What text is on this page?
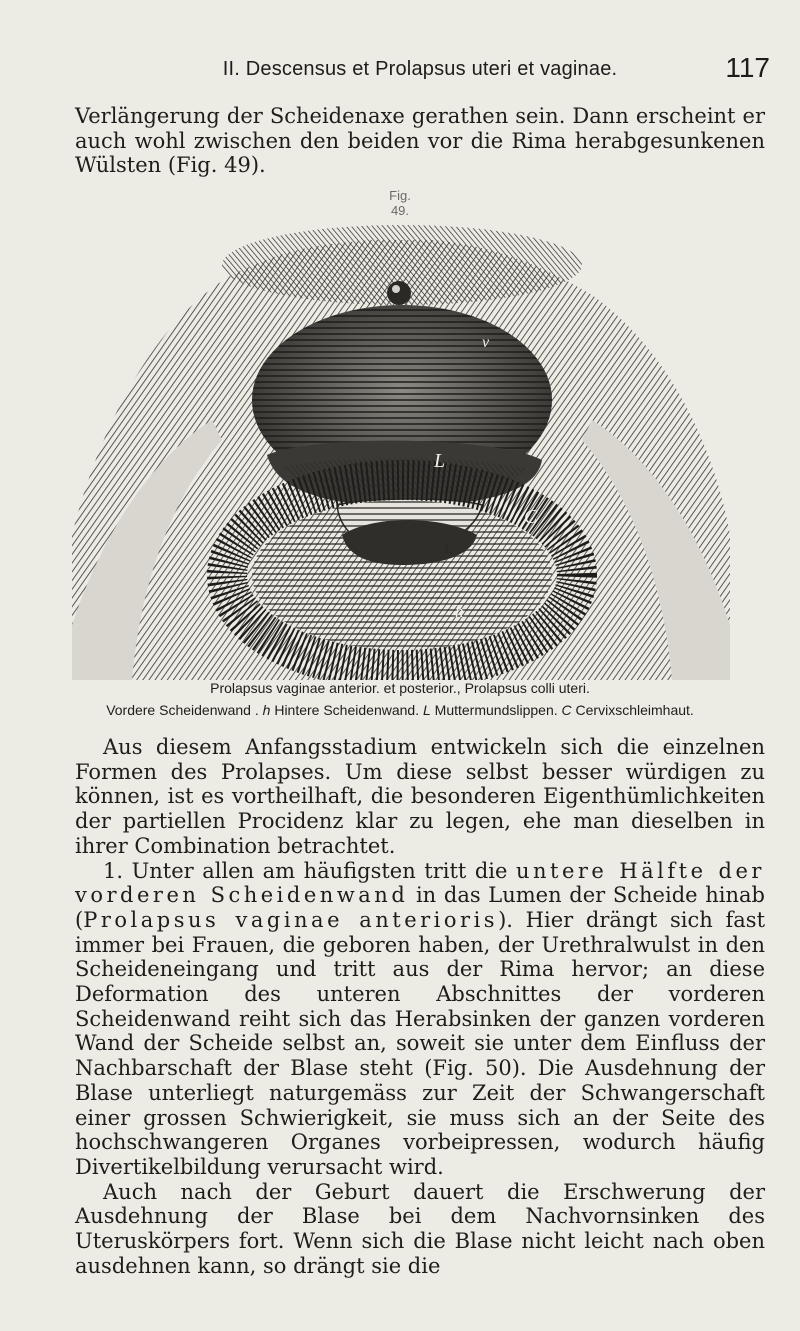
II. Descensus et Prolapsus uteri et vaginae.	117

Verlängerung der Scheidenaxe gerathen sein. Dann erscheint er auch wohl zwischen den beiden vor die Rima herabgesunkenen Wülsten (Fig. 49).

Fig. 49.
v
L
C
L
h
Prolapsus vaginae anterior. et posterior., Prolapsus colli uteri.
Vordere Scheidenwand . h Hintere Scheidenwand. L Muttermundslippen. C Cervixschleimhaut.

Aus diesem Anfangsstadium entwickeln sich die einzelnen Formen des Prolapses. Um diese selbst besser würdigen zu können, ist es vortheilhaft, die besonderen Eigenthümlichkeiten der partiellen Procidenz klar zu legen, ehe man dieselben in ihrer Combination betrachtet.

1. Unter allen am häufigsten tritt die untere Hälfte der vorderen Scheidenwand in das Lumen der Scheide hinab (Prolapsus vaginae anterioris). Hier drängt sich fast immer bei Frauen, die geboren haben, der Urethralwulst in den Scheideneingang und tritt aus der Rima hervor; an diese Deformation des unteren Abschnittes der vorderen Scheidenwand reiht sich das Herabsinken der ganzen vorderen Wand der Scheide selbst an, soweit sie unter dem Einfluss der Nachbarschaft der Blase steht (Fig. 50). Die Ausdehnung der Blase unterliegt naturgemäss zur Zeit der Schwangerschaft einer grossen Schwierigkeit, sie muss sich an der Seite des hochschwangeren Organes vorbeipressen, wodurch häufig Divertikelbildung verursacht wird.

Auch nach der Geburt dauert die Erschwerung der Ausdehnung der Blase bei dem Nachvornsinken des Uteruskörpers fort. Wenn sich die Blase nicht leicht nach oben ausdehnen kann, so drängt sie die
